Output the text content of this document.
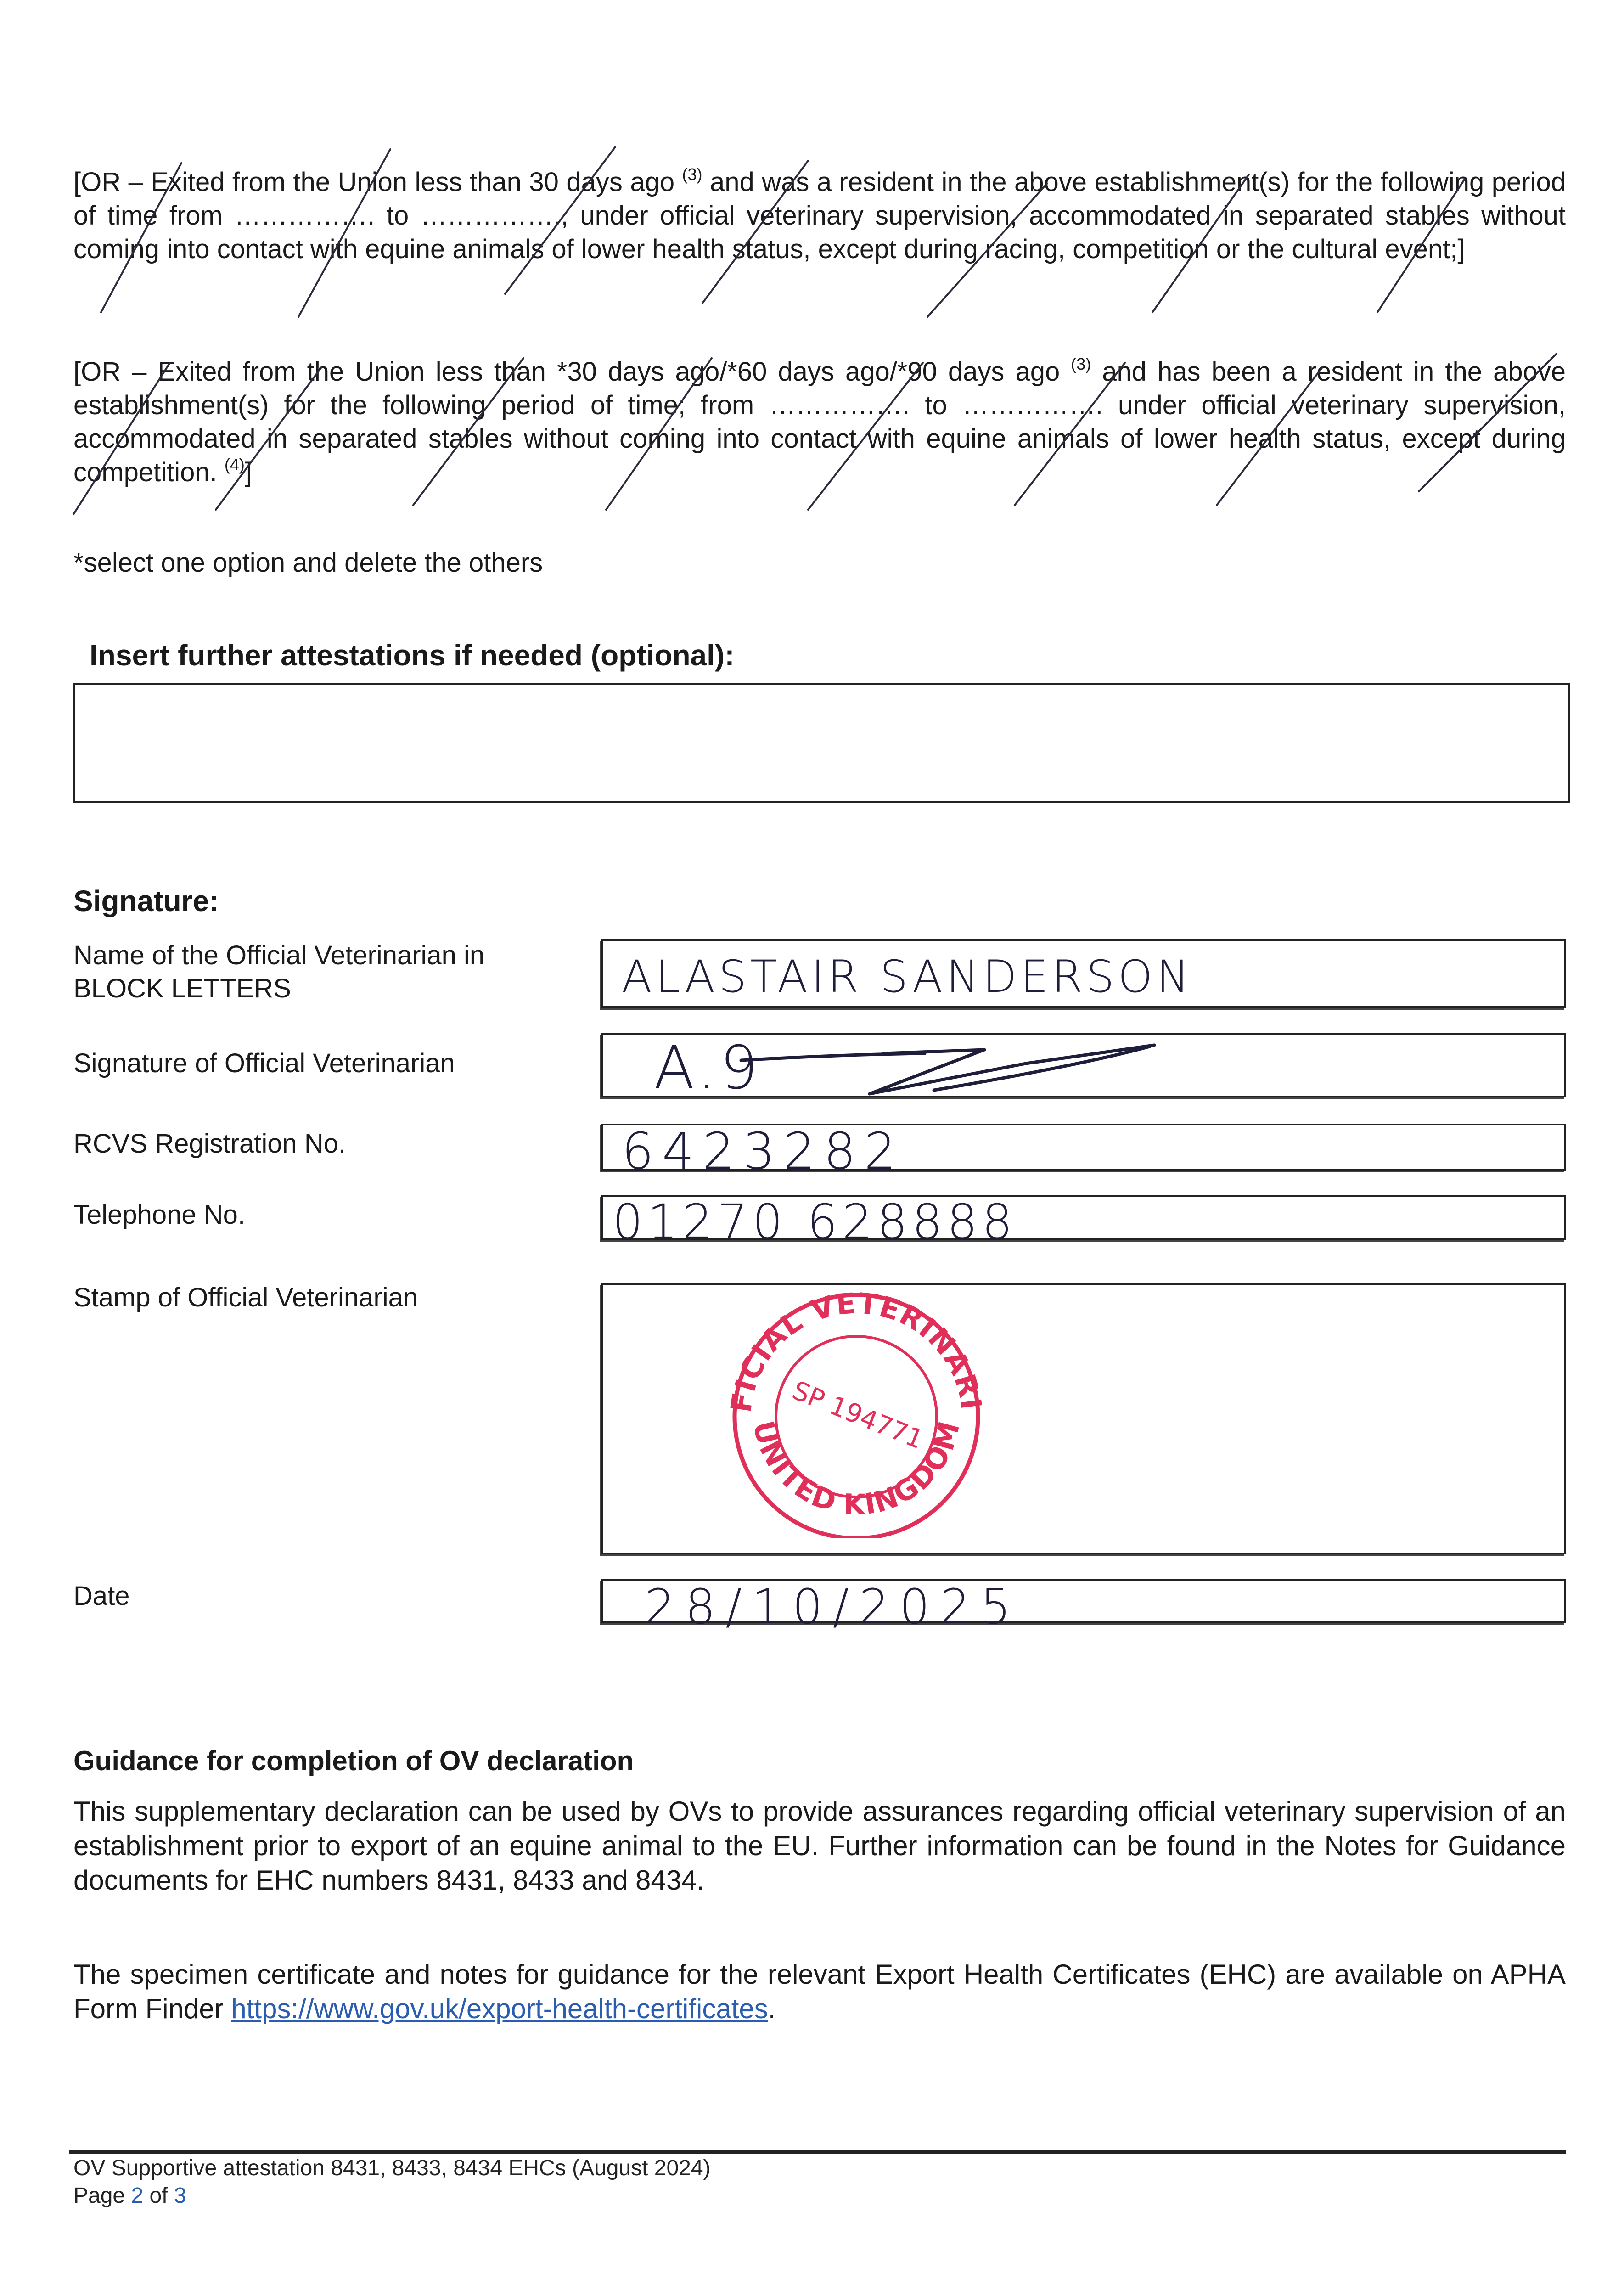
[OR – Exited from the Union less than 30 days ago $^{(3)}$ and was a resident in the above establishment(s) for the following period of time from ……………. to ……………., under official veterinary supervision, accommodated in separated stables without coming into contact with equine animals of lower health status, except during racing, competition or the cultural event;]

[OR – Exited from the Union less than *30 days ago/*60 days ago/*90 days ago $^{(3)}$ and has been a resident in the above establishment(s) for the following period of time; from ……………. to ……………. under official veterinary supervision, accommodated in separated stables without coming into contact with equine animals of lower health status, except during competition. $^{(4)}$]

*select one option and delete the others
Insert further attestations if needed (optional):
Signature:
Name of the Official Veterinarian in
BLOCK LETTERS	ALASTAIR SANDERSON
Signature of Official Veterinarian	A.9
RCVS Registration No.	6423282
Telephone No.	01270 628888
Stamp of Official Veterinarian
FICIAL VETERINARI
UNITED KINGDOM
SP 194771
Date	28/10/2025
Guidance for completion of OV declaration

This supplementary declaration can be used by OVs to provide assurances regarding official veterinary supervision of an establishment prior to export of an equine animal to the EU. Further information can be found in the Notes for Guidance documents for EHC numbers 8431, 8433 and 8434.

The specimen certificate and notes for guidance for the relevant Export Health Certificates (EHC) are available on APHA Form Finder https://www.gov.uk/export-health-certificates.

OV Supportive attestation 8431, 8433, 8434 EHCs (August 2024)
Page 2 of 3
